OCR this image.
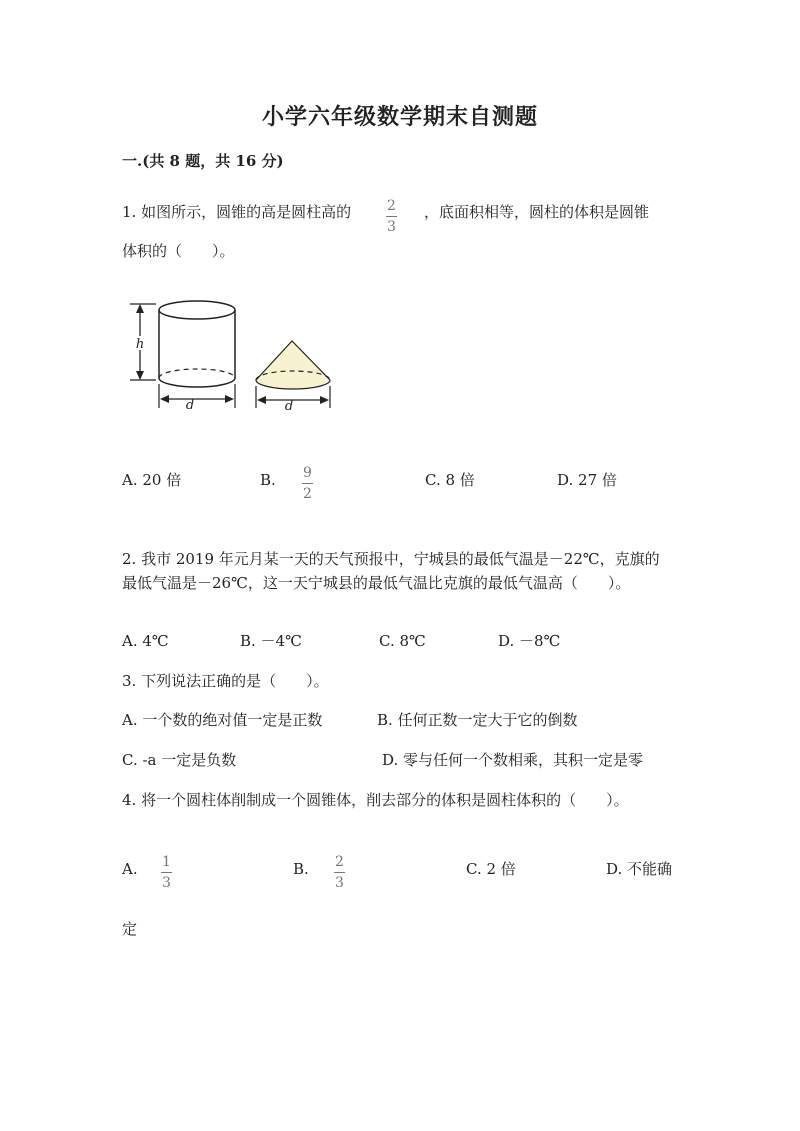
小学六年级数学期末自测题
一.(共 8 题，共 16 分)
1. 如图所示，圆锥的高是圆柱高的	2
3
，底面积相等，圆柱的体积是圆锥
体积的（　　）。
h
d	d
A. 20 倍	B. 9
2
C. 8 倍	D. 27 倍
2. 我市 2019 年元月某一天的天气预报中，宁城县的最低气温是－22℃，克旗的
最低气温是－26℃，这一天宁城县的最低气温比克旗的最低气温高（　　）。
A. 4℃	B. －4℃	C. 8℃	D. －8℃
3. 下列说法正确的是（　　）。
A. 一个数的绝对值一定是正数	B. 任何正数一定大于它的倒数
C. -a 一定是负数	D. 零与任何一个数相乘，其积一定是零
4. 将一个圆柱体削制成一个圆锥体，削去部分的体积是圆柱体积的（　　）。
A. 1
3
B. 2
3
C. 2 倍	D. 不能确
定
